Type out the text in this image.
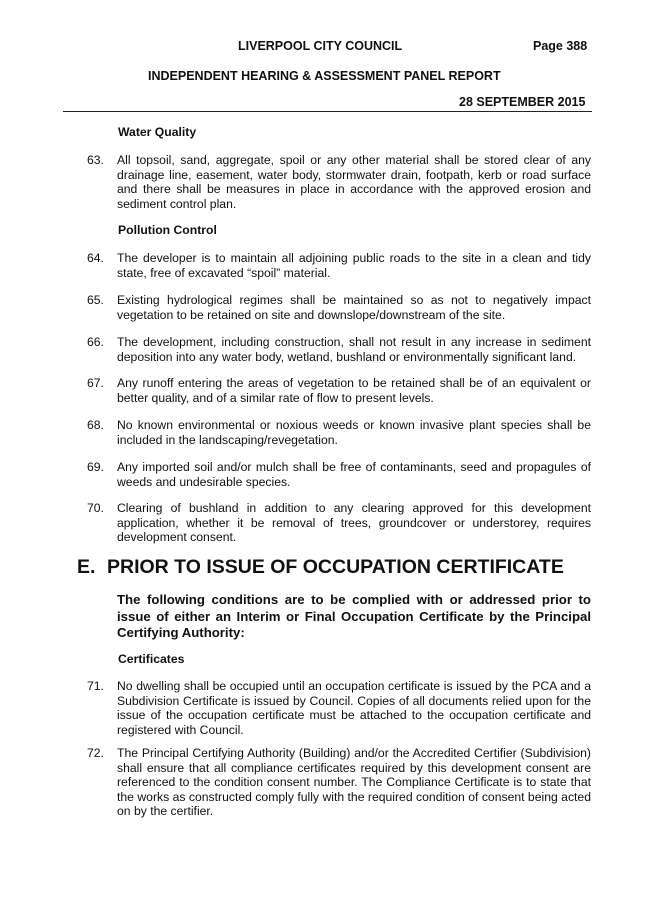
LIVERPOOL CITY COUNCIL	Page 388
INDEPENDENT HEARING & ASSESSMENT PANEL REPORT
28 SEPTEMBER 2015
Water Quality
63.	All topsoil, sand, aggregate, spoil or any other material shall be stored clear of any drainage line, easement, water body, stormwater drain, footpath, kerb or road surface and there shall be measures in place in accordance with the approved erosion and sediment control plan.
Pollution Control
64.	The developer is to maintain all adjoining public roads to the site in a clean and tidy state, free of excavated “spoil” material.
65.	Existing hydrological regimes shall be maintained so as not to negatively impact vegetation to be retained on site and downslope/downstream of the site.
66.	The development, including construction, shall not result in any increase in sediment deposition into any water body, wetland, bushland or environmentally significant land.
67.	Any runoff entering the areas of vegetation to be retained shall be of an equivalent or better quality, and of a similar rate of flow to present levels.
68.	No known environmental or noxious weeds or known invasive plant species shall be included in the landscaping/revegetation.
69.	Any imported soil and/or mulch shall be free of contaminants, seed and propagules of weeds and undesirable species.
70.	Clearing of bushland in addition to any clearing approved for this development application, whether it be removal of trees, groundcover or understorey, requires development consent.
E. PRIOR TO ISSUE OF OCCUPATION CERTIFICATE
The following conditions are to be complied with or addressed prior to issue of either an Interim or Final Occupation Certificate by the Principal Certifying Authority:
Certificates
71.	No dwelling shall be occupied until an occupation certificate is issued by the PCA and a Subdivision Certificate is issued by Council. Copies of all documents relied upon for the issue of the occupation certificate must be attached to the occupation certificate and registered with Council.
72.	The Principal Certifying Authority (Building) and/or the Accredited Certifier (Subdivision) shall ensure that all compliance certificates required by this development consent are referenced to the condition consent number. The Compliance Certificate is to state that the works as constructed comply fully with the required condition of consent being acted on by the certifier.
